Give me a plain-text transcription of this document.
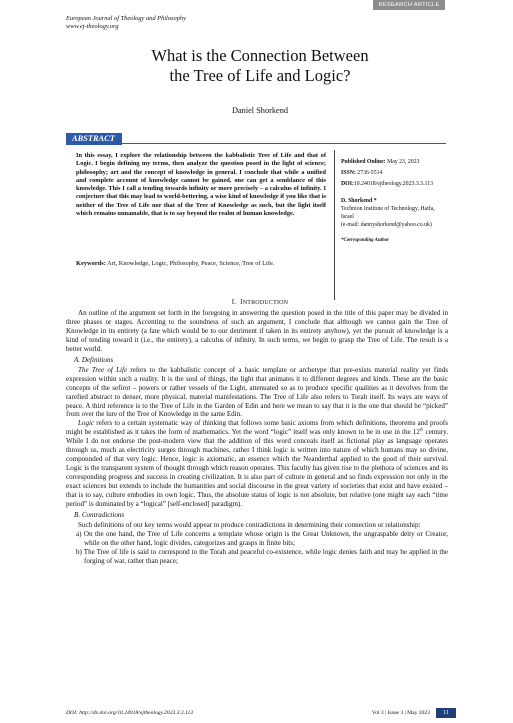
RESEARCH ARTICLE
European Journal of Theology and Philosophy
www.ej-theology.org
What is the Connection Between
the Tree of Life and Logic?
Daniel Shorkend
ABSTRACT
In this essay, I explore the relationship between the kabbalistic Tree of Life and that of Logic. I begin defining my terms, then analyze the question posed in the light of science; philosophy; art and the concept of knowledge in general. I conclude that while a unified and complete account of knowledge cannot be gained, one can get a semblance of this knowledge. This I call a tending towards infinity or more precisely – a calculus of infinity. I conjecture that this may lead to world-bettering, a wise kind of knowledge if you like that is neither of the Tree of Life nor that of the Tree of Knowledge as such, but the light itself which remains unnamable, that is to say beyond the realm of human knowledge.
Keywords: Art, Knowledge, Logic, Philosophy, Peace, Science, Tree of Life.
Published Online: May 23, 2023
ISSN: 2736-5514
DOI:10.24018/ejtheology.2023.3.3.113
D. Shorkend *
Technion Institute of Technology, Haifa,
Israel
(e-mail: dannyshorkend@yahoo.co.uk)
*Corresponding Author
I. INTRODUCTION

An outline of the argument set forth in the foregoing in answering the question posed in the title of this paper may be divided in three phases or stages. Accenting to the soundness of such an argument, I conclude that although we cannot gain the Tree of Knowledge in its entirety (a fate which would be to our detriment if taken in its entirety anyhow), yet the pursuit of knowledge is a kind of tending toward it (i.e., the entirety), a calculus of infinity. In such terms, we begin to grasp the Tree of Life. The result is a better world.

A. Definitions

The Tree of Life refers to the kabbalistic concept of a basic template or archetype that pre-exists material reality yet finds expression within such a reality. It is the soul of things, the light that animates it to different degrees and kinds. These are the basic concepts of the sefirot – powers or rather vessels of the Light, attenuated so as to produce specific qualities as it devolves from the rarefied abstract to denser, more physical, material manifestations. The Tree of Life also refers to Torah itself. Its ways are ways of peace. A third reference is to the Tree of Life in the Garden of Edin and here we mean to say that it is the one that should be “picked” from over the lure of the Tree of Knowledge in the same Edin.

Logic refers to a certain systematic way of thinking that follows some basic axioms from which definitions, theorems and proofs might be established as it takes the form of mathematics. Yet the word “logic” itself was only known to be in use in the 12th century. While I do not endorse the post-modern view that the addition of this word conceals itself as fictional play as language operates through us, much as electricity surges through machines, rather I think logic is written into nature of which humans may so divine, compounded of that very logic. Hence, logic is axiomatic, an essence which the Neanderthal applied to the good of their survival. Logic is the transparent system of thought through which reason operates. This faculty has given rise to the plethora of sciences and its corresponding progress and success in creating civilization. It is also part of culture in general and so finds expression not only in the exact sciences but extends to include the humanities and social discourse in the great variety of societies that exist and have existed – that is to say, culture embodies its own logic. Thus, the absolute status of logic is not absolute, but relative (one might say each “time period” is dominated by a “logical” [self-enclosed] paradigm).

B. Contradictions

Such definitions of our key terms would appear to produce contradictions in determining their connection or relationship:

a) On the one hand, the Tree of Life concerns a template whose origin is the Great Unknown, the ungraspable deity or Creator, while on the other hand, logic divides, categorizes and grasps in finite bits;
b) The Tree of life is said to correspond to the Torah and peaceful co-existence, while logic denies faith and may be applied in the forging of war, rather than peace;
DOI: http://dx.doi.org/10.24018/ejtheology.2023.3.3.113	Vol 3 | Issue 3 | May 2023	11
